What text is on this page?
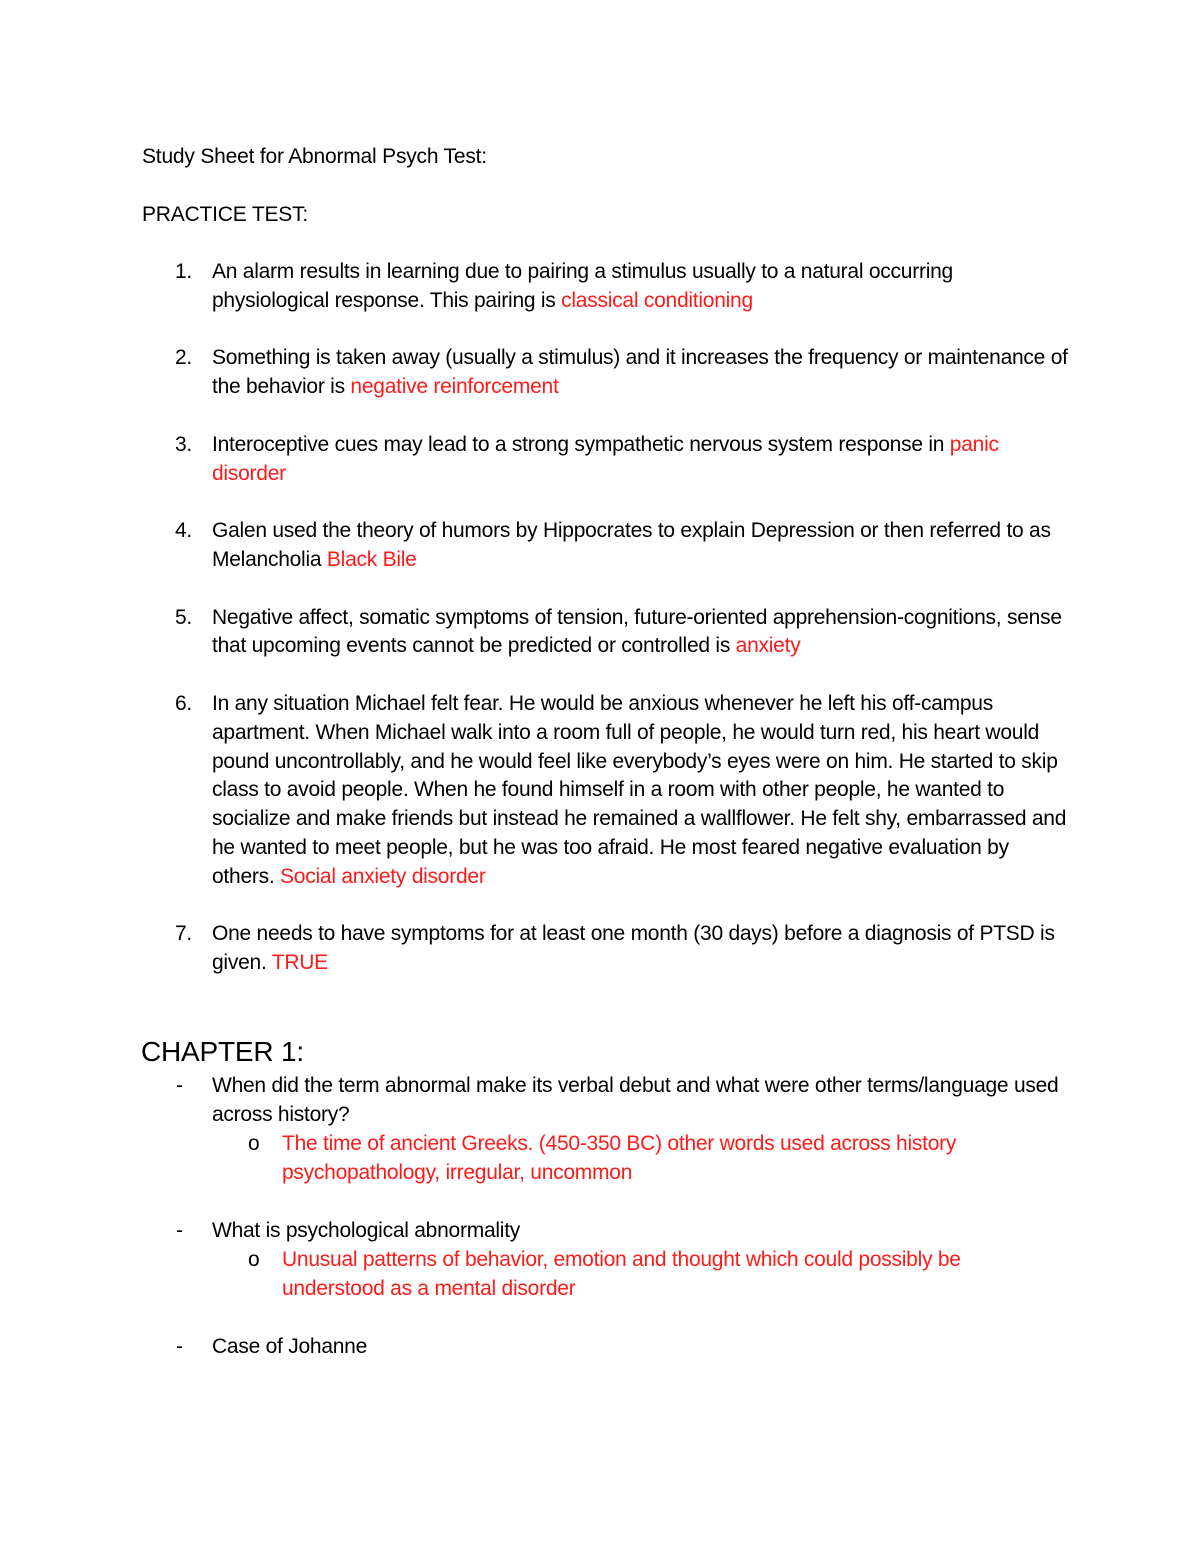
Study Sheet for Abnormal Psych Test:
PRACTICE TEST:
1. An alarm results in learning due to pairing a stimulus usually to a natural occurring physiological response. This pairing is classical conditioning
2. Something is taken away (usually a stimulus) and it increases the frequency or maintenance of the behavior is negative reinforcement
3. Interoceptive cues may lead to a strong sympathetic nervous system response in panic disorder
4. Galen used the theory of humors by Hippocrates to explain Depression or then referred to as Melancholia Black Bile
5. Negative affect, somatic symptoms of tension, future-oriented apprehension-cognitions, sense that upcoming events cannot be predicted or controlled is anxiety
6. In any situation Michael felt fear. He would be anxious whenever he left his off-campus apartment. When Michael walk into a room full of people, he would turn red, his heart would pound uncontrollably, and he would feel like everybody’s eyes were on him. He started to skip class to avoid people. When he found himself in a room with other people, he wanted to socialize and make friends but instead he remained a wallflower. He felt shy, embarrassed and he wanted to meet people, but he was too afraid. He most feared negative evaluation by others. Social anxiety disorder
7. One needs to have symptoms for at least one month (30 days) before a diagnosis of PTSD is given. TRUE
CHAPTER 1:
- When did the term abnormal make its verbal debut and what were other terms/language used across history?
o The time of ancient Greeks. (450-350 BC) other words used across history psychopathology, irregular, uncommon
- What is psychological abnormality
o Unusual patterns of behavior, emotion and thought which could possibly be understood as a mental disorder
- Case of Johanne
